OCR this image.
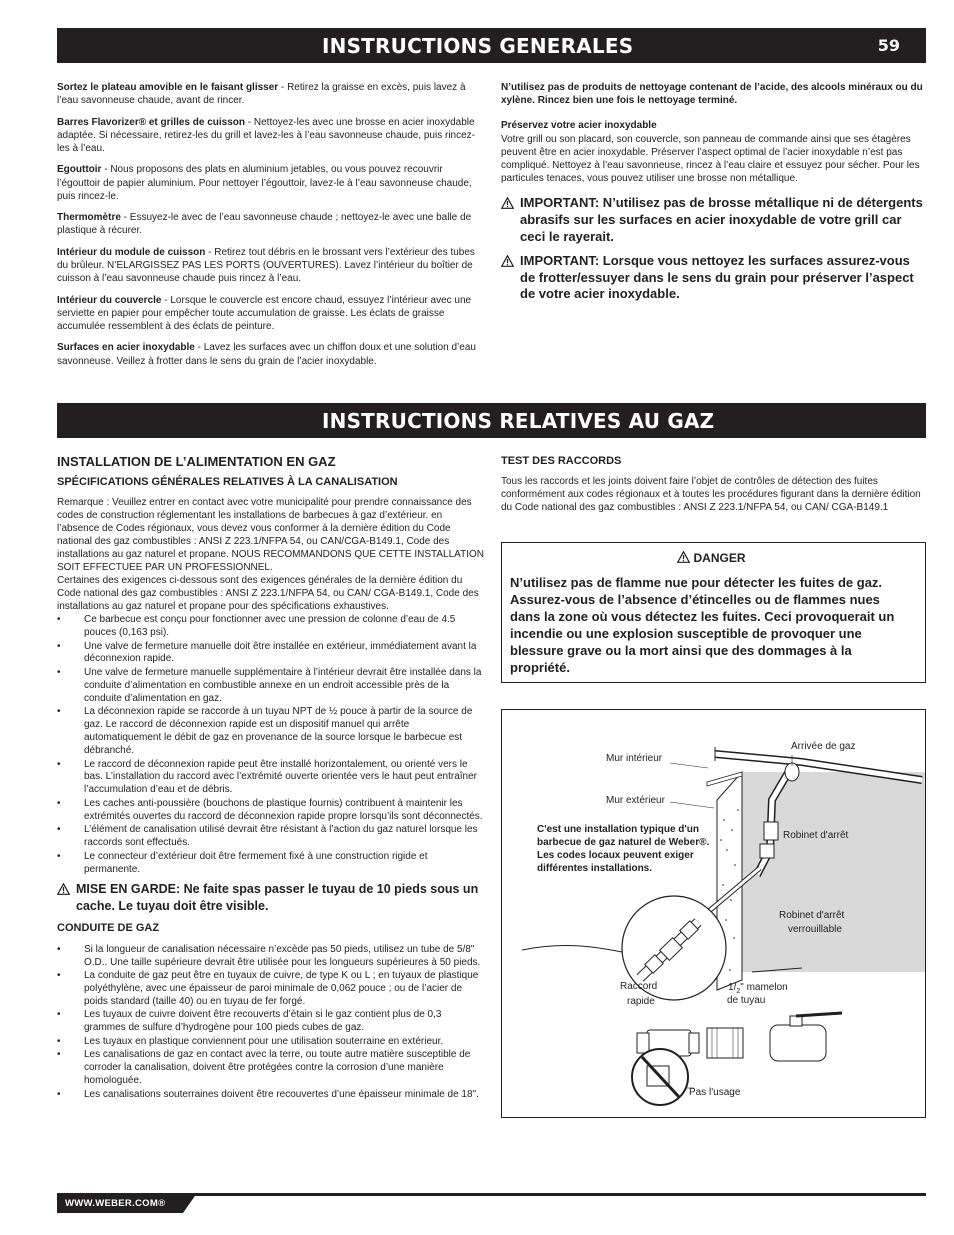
INSTRUCTIONS GENERALES	59
Sortez le plateau amovible en le faisant glisser - Retirez la graisse en excès, puis lavez à l’eau savonneuse chaude, avant de rincer.
Barres Flavorizer® et grilles de cuisson - Nettoyez-les avec une brosse en acier inoxydable adaptée. Si nécessaire, retirez-les du grill et lavez-les à l’eau savonneuse chaude, puis rincez-les à l’eau.
Egouttoir - Nous proposons des plats en aluminium jetables, ou vous pouvez recouvrir l’égouttoir de papier aluminium. Pour nettoyer l’égouttoir, lavez-le à l’eau savonneuse chaude, puis rincez-le.
Thermomètre - Essuyez-le avec de l’eau savonneuse chaude ; nettoyez-le avec une balle de plastique à récurer.
Intérieur du module de cuisson - Retirez tout débris en le brossant vers l’extérieur des tubes du brûleur. N’ELARGISSEZ PAS LES PORTS (OUVERTURES). Lavez l’intérieur du boîtier de cuisson à l’eau savonneuse chaude puis rincez à l’eau.
Intérieur du couvercle - Lorsque le couvercle est encore chaud, essuyez l’intérieur avec une serviette en papier pour empêcher toute accumulation de graisse. Les éclats de graisse accumulée ressemblent à des éclats de peinture.
Surfaces en acier inoxydable - Lavez les surfaces avec un chiffon doux et une solution d’eau savonneuse. Veillez à frotter dans le sens du grain de l’acier inoxydable.
N’utilisez pas de produits de nettoyage contenant de l’acide, des alcools minéraux ou du xylène. Rincez bien une fois le nettoyage terminé.
Préservez votre acier inoxydable
Votre grill ou son placard, son couvercle, son panneau de commande ainsi que ses étagères peuvent être en acier inoxydable. Préserver l’aspect optimal de l’acier inoxydable n’est pas compliqué. Nettoyez à l’eau savonneuse, rincez à l’eau claire et essuyez pour sécher. Pour les particules tenaces, vous pouvez utiliser une brosse non métallique.
IMPORTANT: N’utilisez pas de brosse métallique ni de détergents abrasifs sur les surfaces en acier inoxydable de votre grill car ceci le rayerait.
IMPORTANT: Lorsque vous nettoyez les surfaces assurez-vous de frotter/essuyer dans le sens du grain pour préserver l’aspect de votre acier inoxydable.
INSTRUCTIONS RELATIVES AU GAZ
INSTALLATION DE L’ALIMENTATION EN GAZ
SPÉCIFICATIONS GÉNÉRALES RELATIVES À LA CANALISATION
Remarque : Veuillez entrer en contact avec votre municipalité pour prendre connaissance des codes de construction réglementant les installations de barbecues à gaz d’extérieur. en l’absence de Codes régionaux, vous devez vous conformer à la dernière édition du Code national des gaz combustibles : ANSI Z 223.1/NFPA 54, ou CAN/CGA-B149.1, Code des installations au gaz naturel et propane. NOUS RECOMMANDONS QUE CETTE INSTALLATION SOIT EFFECTUEE PAR UN PROFESSIONNEL.
Certaines des exigences ci-dessous sont des exigences générales de la dernière édition du Code national des gaz combustibles : ANSI Z 223.1/NFPA 54, ou CAN/ CGA-B149.1, Code des installations au gaz naturel et propane pour des spécifications exhaustives.
• Ce barbecue est conçu pour fonctionner avec une pression de colonne d’eau de 4.5 pouces (0,163 psi).
• Une valve de fermeture manuelle doit être installée en extérieur, immédiatement avant la déconnexion rapide.
• Une valve de fermeture manuelle supplémentaire à l’intérieur devrait être installée dans la conduite d’alimentation en combustible annexe en un endroit accessible près de la conduite d’alimentation en gaz.
• La déconnexion rapide se raccorde à un tuyau NPT de ½ pouce à partir de la source de gaz. Le raccord de déconnexion rapide est un dispositif manuel qui arrête automatiquement le débit de gaz en provenance de la source lorsque le barbecue est débranché.
• Le raccord de déconnexion rapide peut être installé horizontalement, ou orienté vers le bas. L’installation du raccord avec l’extrémité ouverte orientée vers le haut peut entraîner l’accumulation d’eau et de débris.
• Les caches anti-poussière (bouchons de plastique fournis) contribuent à maintenir les extrémités ouvertes du raccord de déconnexion rapide propre lorsqu’ils sont déconnectés.
• L’élément de canalisation utilisé devrait être résistant à l’action du gaz naturel lorsque les raccords sont effectués.
• Le connecteur d’extérieur doit être fermement fixé à une construction rigide et permanente.
MISE EN GARDE: Ne faite spas passer le tuyau de 10 pieds sous un cache. Le tuyau doit être visible.
CONDUITE DE GAZ
• Si la longueur de canalisation nécessaire n’excède pas 50 pieds, utilisez un tube de 5/8" O.D.. Une taille supérieure devrait être utilisée pour les longueurs supérieures à 50 pieds.
• La conduite de gaz peut être en tuyaux de cuivre, de type K ou L ; en tuyaux de plastique polyéthylène, avec une épaisseur de paroi minimale de 0,062 pouce ; ou de l’acier de poids standard (taille 40) ou en tuyau de fer forgé.
• Les tuyaux de cuivre doivent être recouverts d’étain si le gaz contient plus de 0,3 grammes de sulfure d’hydrogène pour 100 pieds cubes de gaz.
• Les tuyaux en plastique conviennent pour une utilisation souterraine en extérieur.
• Les canalisations de gaz en contact avec la terre, ou toute autre matière susceptible de corroder la canalisation, doivent être protégées contre la corrosion d’une manière homologuée.
• Les canalisations souterraines doivent être recouvertes d’une épaisseur minimale de 18".
TEST DES RACCORDS
Tous les raccords et les joints doivent faire l’objet de contrôles de détection des fuites conformément aux codes régionaux et à toutes les procédures figurant dans la dernière édition du Code national des gaz combustibles : ANSI Z 223.1/NFPA 54, ou CAN/ CGA-B149.1
DANGER
N’utilisez pas de flamme nue pour détecter les fuites de gaz. Assurez-vous de l’absence d’étincelles ou de flammes nues dans la zone où vous détectez les fuites. Ceci provoquerait un incendie ou une explosion susceptible de provoquer une blessure grave ou la mort ainsi que des dommages à la propriété.
Mur intérieur
Arrivée de gaz
Mur extérieur
Robinet d'arrêt
C'est une installation typique d'un barbecue de gaz naturel de Weber®. Les codes locaux peuvent exiger différentes installations.
Robinet d'arrêt
verrouillable
Raccord
rapide
$1/_2$" mamelon
de tuyau
Pas l'usage
WWW.WEBER.COM®
